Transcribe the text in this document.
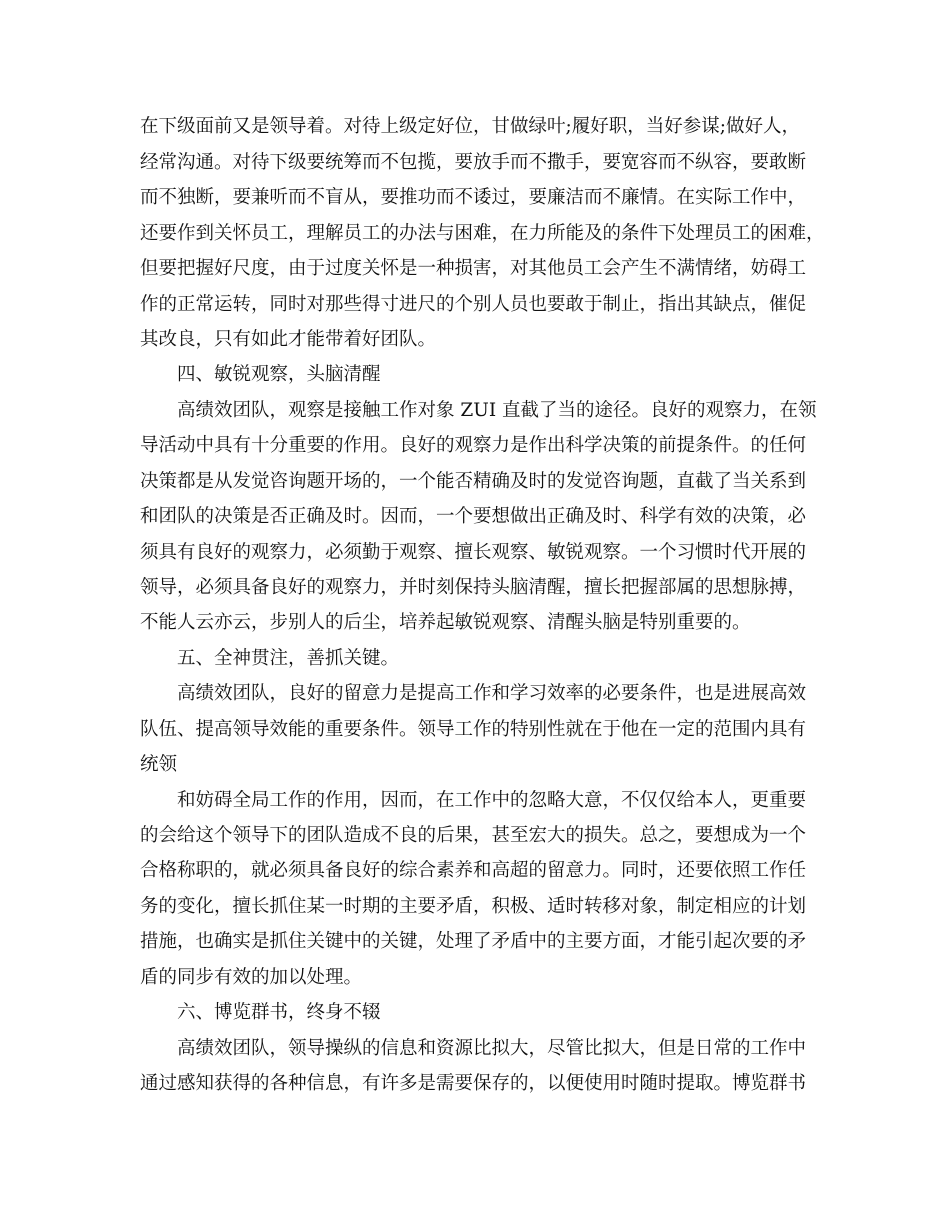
在下级面前又是领导着。对待上级定好位，甘做绿叶;履好职，当好参谋;做好人，

经常沟通。对待下级要统筹而不包揽，要放手而不撒手，要宽容而不纵容，要敢断

而不独断，要兼听而不盲从，要推功而不诿过，要廉洁而不廉情。在实际工作中，

还要作到关怀员工，理解员工的办法与困难，在力所能及的条件下处理员工的困难，

但要把握好尺度，由于过度关怀是一种损害，对其他员工会产生不满情绪，妨碍工

作的正常运转，同时对那些得寸进尺的个别人员也要敢于制止，指出其缺点，催促

其改良，只有如此才能带着好团队。

四、敏锐观察，头脑清醒

高绩效团队，观察是接触工作对象 ZUI 直截了当的途径。良好的观察力，在领

导活动中具有十分重要的作用。良好的观察力是作出科学决策的前提条件。的任何

决策都是从发觉咨询题开场的，一个能否精确及时的发觉咨询题，直截了当关系到

和团队的决策是否正确及时。因而，一个要想做出正确及时、科学有效的决策，必

须具有良好的观察力，必须勤于观察、擅长观察、敏锐观察。一个习惯时代开展的

领导，必须具备良好的观察力，并时刻保持头脑清醒，擅长把握部属的思想脉搏，

不能人云亦云，步别人的后尘，培养起敏锐观察、清醒头脑是特别重要的。

五、全神贯注，善抓关键。

高绩效团队，良好的留意力是提高工作和学习效率的必要条件，也是进展高效

队伍、提高领导效能的重要条件。领导工作的特别性就在于他在一定的范围内具有

统领

和妨碍全局工作的作用，因而，在工作中的忽略大意，不仅仅给本人，更重要

的会给这个领导下的团队造成不良的后果，甚至宏大的损失。总之，要想成为一个

合格称职的，就必须具备良好的综合素养和高超的留意力。同时，还要依照工作任

务的变化，擅长抓住某一时期的主要矛盾，积极、适时转移对象，制定相应的计划

措施，也确实是抓住关键中的关键，处理了矛盾中的主要方面，才能引起次要的矛

盾的同步有效的加以处理。

六、博览群书，终身不辍

高绩效团队，领导操纵的信息和资源比拟大，尽管比拟大，但是日常的工作中

通过感知获得的各种信息，有许多是需要保存的，以便使用时随时提取。博览群书
